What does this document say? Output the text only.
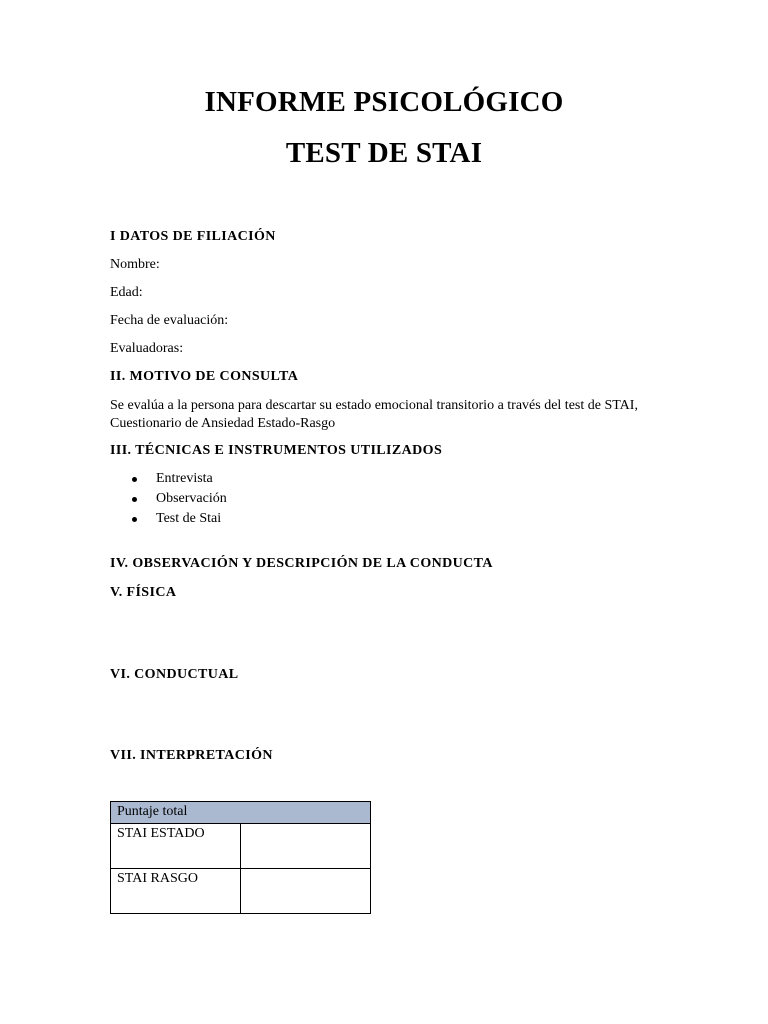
INFORME PSICOLÓGICO
TEST DE STAI

I DATOS DE FILIACIÓN

Nombre:

Edad:

Fecha de evaluación:

Evaluadoras:

II. MOTIVO DE CONSULTA

Se evalúa a la persona para descartar su estado emocional transitorio a través del test de STAI, Cuestionario de Ansiedad Estado-Rasgo

III. TÉCNICAS E INSTRUMENTOS UTILIZADOS

Entrevista
Observación
Test de Stai

IV. OBSERVACIÓN Y DESCRIPCIÓN DE LA CONDUCTA

V. FÍSICA

VI. CONDUCTUAL

VII. INTERPRETACIÓN

Puntaje total	
STAI ESTADO	
STAI RASGO	
